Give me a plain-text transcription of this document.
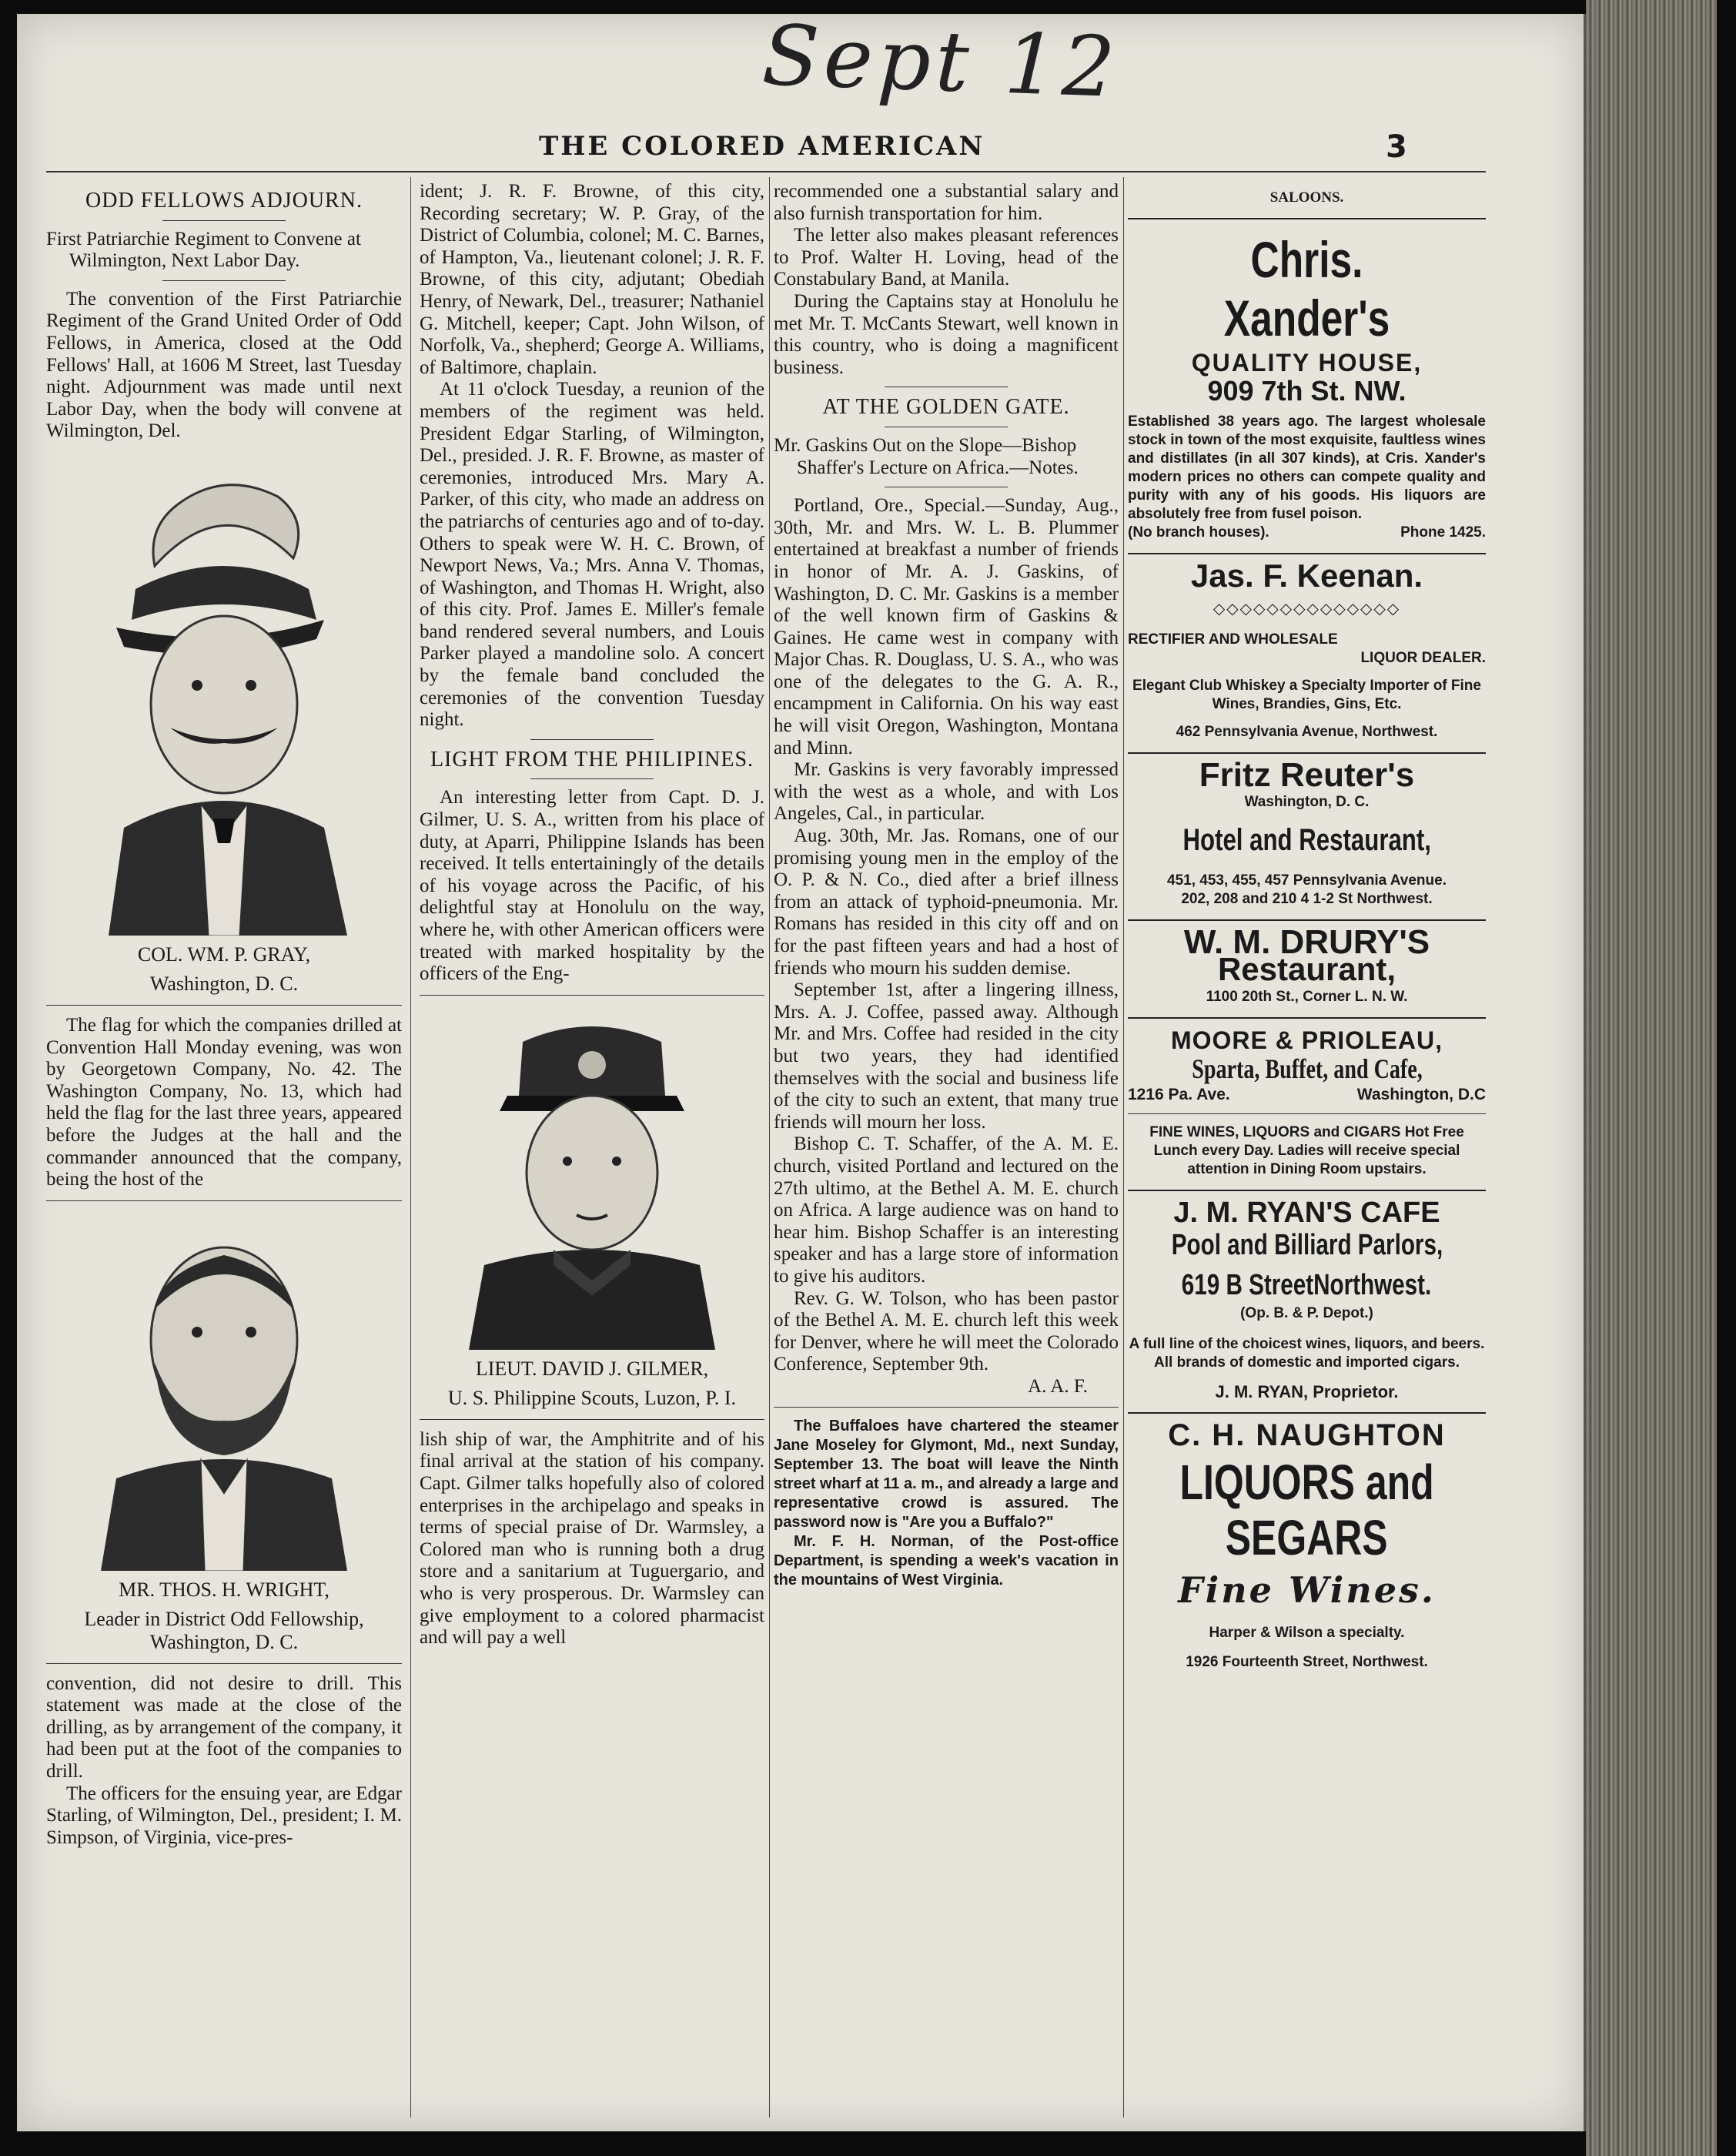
Sept 12
THE COLORED AMERICAN	3
ODD FELLOWS ADJOURN.
First Patriarchie Regiment to Convene at Wilmington, Next Labor Day.

The convention of the First Patriarchie Regiment of the Grand United Order of Odd Fellows, in America, closed at the Odd Fellows' Hall, at 1606 M Street, last Tuesday night. Adjournment was made until next Labor Day, when the body will convene at Wilmington, Del.

COL. WM. P. GRAY,
Washington, D. C.

The flag for which the companies drilled at Convention Hall Monday evening, was won by Georgetown Company, No. 42. The Washington Company, No. 13, which had held the flag for the last three years, appeared before the Judges at the hall and the commander announced that the company, being the host of the

MR. THOS. H. WRIGHT,
Leader in District Odd Fellowship, Washington, D. C.

convention, did not desire to drill. This statement was made at the close of the drilling, as by arrangement of the company, it had been put at the foot of the companies to drill.

The officers for the ensuing year, are Edgar Starling, of Wilmington, Del., president; I. M. Simpson, of Virginia, vice-pres-

ident; J. R. F. Browne, of this city, Recording secretary; W. P. Gray, of the District of Columbia, colonel; M. C. Barnes, of Hampton, Va., lieutenant colonel; J. R. F. Browne, of this city, adjutant; Obediah Henry, of Newark, Del., treasurer; Nathaniel G. Mitchell, keeper; Capt. John Wilson, of Norfolk, Va., shepherd; George A. Williams, of Baltimore, chaplain.

At 11 o'clock Tuesday, a reunion of the members of the regiment was held. President Edgar Starling, of Wilmington, Del., presided. J. R. F. Browne, as master of ceremonies, introduced Mrs. Mary A. Parker, of this city, who made an address on the patriarchs of centuries ago and of to-day. Others to speak were W. H. C. Brown, of Newport News, Va.; Mrs. Anna V. Thomas, of Washington, and Thomas H. Wright, also of this city. Prof. James E. Miller's female band rendered several numbers, and Louis Parker played a mandoline solo. A concert by the female band concluded the ceremonies of the convention Tuesday night.

LIGHT FROM THE PHILIPINES.

An interesting letter from Capt. D. J. Gilmer, U. S. A., written from his place of duty, at Aparri, Philippine Islands has been received. It tells entertainingly of the details of his voyage across the Pacific, of his delightful stay at Honolulu on the way, where he, with other American officers were treated with marked hospitality by the officers of the Eng-

LIEUT. DAVID J. GILMER,
U. S. Philippine Scouts, Luzon, P. I.

lish ship of war, the Amphitrite and of his final arrival at the station of his company. Capt. Gilmer talks hopefully also of colored enterprises in the archipelago and speaks in terms of special praise of Dr. Warmsley, a Colored man who is running both a drug store and a sanitarium at Tuguergario, and who is very prosperous. Dr. Warmsley can give employment to a colored pharmacist and will pay a well

recommended one a substantial salary and also furnish transportation for him.

The letter also makes pleasant references to Prof. Walter H. Loving, head of the Constabulary Band, at Manila.

During the Captains stay at Honolulu he met Mr. T. McCants Stewart, well known in this country, who is doing a magnificent business.

AT THE GOLDEN GATE.
Mr. Gaskins Out on the Slope—Bishop Shaffer's Lecture on Africa.—Notes.

Portland, Ore., Special.—Sunday, Aug., 30th, Mr. and Mrs. W. L. B. Plummer entertained at breakfast a number of friends in honor of Mr. A. J. Gaskins, of Washington, D. C. Mr. Gaskins is a member of the well known firm of Gaskins & Gaines. He came west in company with Major Chas. R. Douglass, U. S. A., who was one of the delegates to the G. A. R., encampment in California. On his way east he will visit Oregon, Washington, Montana and Minn.

Mr. Gaskins is very favorably impressed with the west as a whole, and with Los Angeles, Cal., in particular.

Aug. 30th, Mr. Jas. Romans, one of our promising young men in the employ of the O. P. & N. Co., died after a brief illness from an attack of typhoid-pneumonia. Mr. Romans has resided in this city off and on for the past fifteen years and had a host of friends who mourn his sudden demise.

September 1st, after a lingering illness, Mrs. A. J. Coffee, passed away. Although Mr. and Mrs. Coffee had resided in the city but two years, they had identified themselves with the social and business life of the city to such an extent, that many true friends will mourn her loss.

Bishop C. T. Schaffer, of the A. M. E. church, visited Portland and lectured on the 27th ultimo, at the Bethel A. M. E. church on Africa. A large audience was on hand to hear him. Bishop Schaffer is an interesting speaker and has a large store of information to give his auditors.

Rev. G. W. Tolson, who has been pastor of the Bethel A. M. E. church left this week for Denver, where he will meet the Colorado Conference, September 9th.

A. A. F.

The Buffaloes have chartered the steamer Jane Moseley for Glymont, Md., next Sunday, September 13. The boat will leave the Ninth street wharf at 11 a. m., and already a large and representative crowd is assured. The password now is "Are you a Buffalo?"

Mr. F. H. Norman, of the Post-office Department, is spending a week's vacation in the mountains of West Virginia.

SALOONS.
Chris. Xander's
QUALITY HOUSE,
909 7th St. NW.
Established 38 years ago. The largest wholesale stock in town of the most exquisite, faultless wines and distillates (in all 307 kinds), at Cris. Xander's modern prices no others can compete quality and purity with any of his goods. His liquors are absolutely free from fusel poison.
(No branch houses).	Phone 1425.
Jas. F. Keenan.
◇◇◇◇◇◇◇◇◇◇◇◇◇◇
RECTIFIER AND WHOLESALE
LIQUOR DEALER.
Elegant Club Whiskey a Specialty Importer of Fine Wines, Brandies, Gins, Etc.
462 Pennsylvania Avenue, Northwest.
Fritz Reuter's
Washington, D. C.
Hotel and Restaurant,
451, 453, 455, 457 Pennsylvania Avenue.
202, 208 and 210 4 1-2 St Northwest.
W. M. DRURY'S
Restaurant,
1100 20th St., Corner L. N. W.
MOORE & PRIOLEAU,
Sparta, Buffet, and Cafe,
1216 Pa. Ave.	Washington, D.C
FINE WINES, LIQUORS and CIGARS Hot Free Lunch every Day. Ladies will receive special attention in Dining Room upstairs.
J. M. RYAN'S CAFE
Pool and Billiard Parlors,
619 B StreetNorthwest.
(Op. B. & P. Depot.)
A full line of the choicest wines, liquors, and beers. All brands of domestic and imported cigars.
J. M. RYAN, Proprietor.
C. H. NAUGHTON
LIQUORS and
SEGARS
Fine Wines.
Harper & Wilson a specialty.
1926 Fourteenth Street, Northwest.
